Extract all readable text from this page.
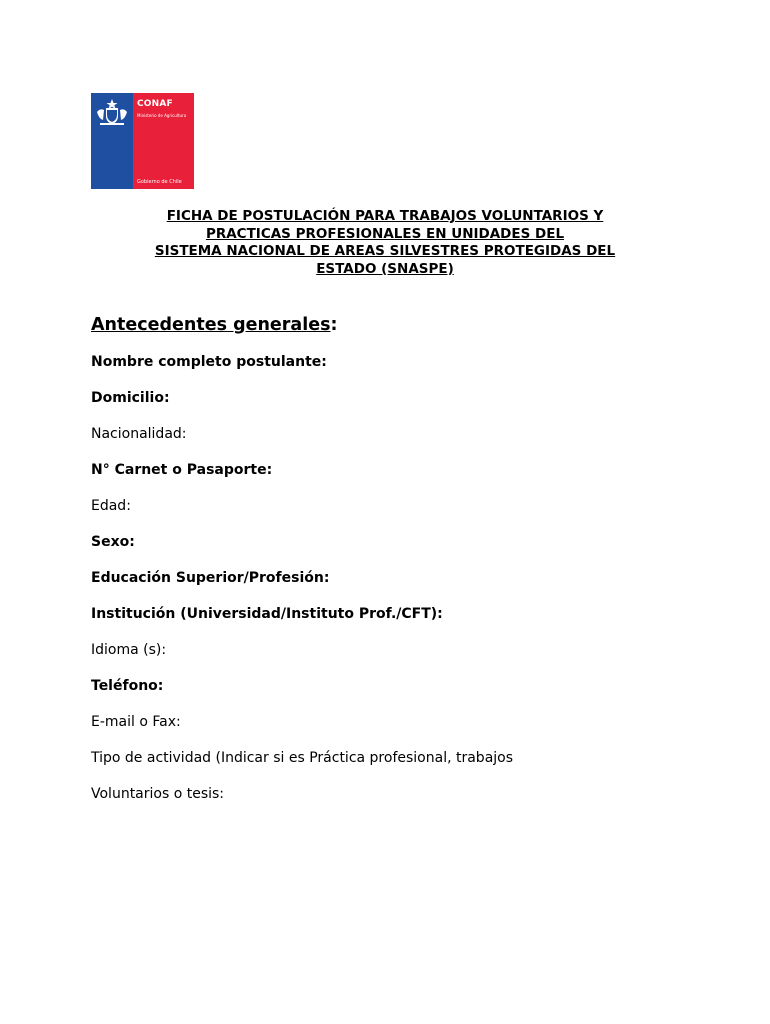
CONAF
Ministerio de Agricultura
Gobierno de Chile
FICHA DE POSTULACIÓN PARA TRABAJOS VOLUNTARIOS Y
PRACTICAS PROFESIONALES EN UNIDADES DEL
SISTEMA NACIONAL DE AREAS SILVESTRES PROTEGIDAS DEL
ESTADO (SNASPE)
Antecedentes generales:
Nombre completo postulante:
Domicilio:
Nacionalidad:
N° Carnet o Pasaporte:
Edad:
Sexo:
Educación Superior/Profesión:
Institución (Universidad/Instituto Prof./CFT):
Idioma (s):
Teléfono:
E-mail o Fax:
Tipo de actividad (Indicar si es Práctica profesional, trabajos
Voluntarios o tesis:
